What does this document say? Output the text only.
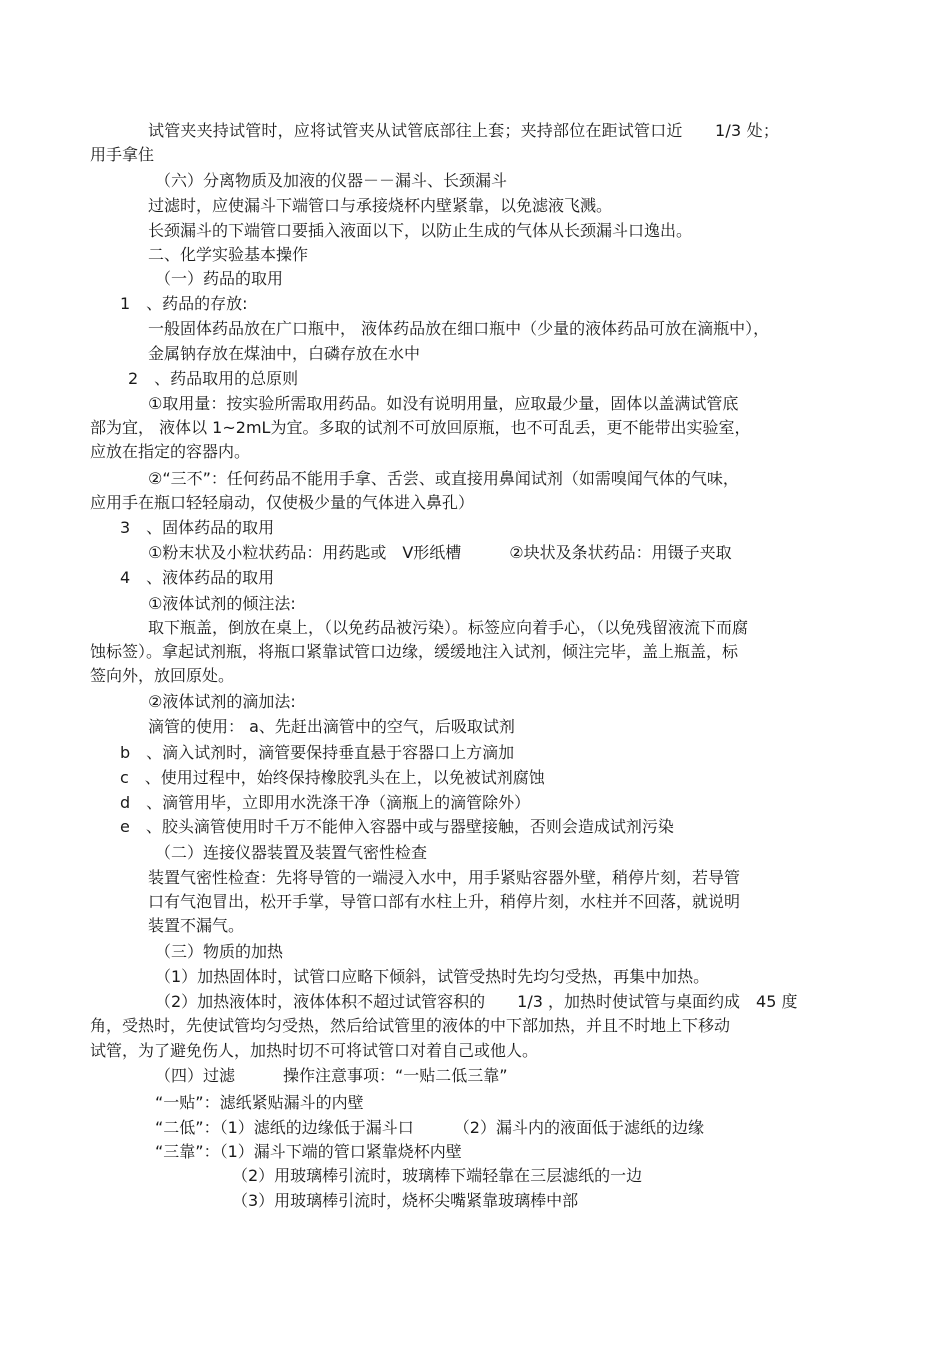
试管夹夹持试管时，应将试管夹从试管底部往上套；夹持部位在距试管口近　　1/3 处；
用手拿住
（六）分离物质及加液的仪器－－漏斗、长颈漏斗
过滤时，应使漏斗下端管口与承接烧杯内壁紧靠，以免滤液飞溅。
长颈漏斗的下端管口要插入液面以下，以防止生成的气体从长颈漏斗口逸出。
二、化学实验基本操作
（一）药品的取用
1　、药品的存放:
一般固体药品放在广口瓶中， 液体药品放在细口瓶中（少量的液体药品可放在滴瓶中），
金属钠存放在煤油中，白磷存放在水中
2　、药品取用的总原则
①取用量：按实验所需取用药品。如没有说明用量，应取最少量，固体以盖满试管底
部为宜， 液体以 1~2mL为宜。多取的试剂不可放回原瓶，也不可乱丢，更不能带出实验室，
应放在指定的容器内。
②“三不”：任何药品不能用手拿、舌尝、或直接用鼻闻试剂（如需嗅闻气体的气味，
应用手在瓶口轻轻扇动，仅使极少量的气体进入鼻孔）
3　、固体药品的取用
①粉末状及小粒状药品：用药匙或　V形纸槽　　　②块状及条状药品：用镊子夹取
4　、液体药品的取用
①液体试剂的倾注法:
取下瓶盖，倒放在桌上，（以免药品被污染）。标签应向着手心，（以免残留液流下而腐
蚀标签）。拿起试剂瓶，将瓶口紧靠试管口边缘，缓缓地注入试剂，倾注完毕，盖上瓶盖，标
签向外，放回原处。
②液体试剂的滴加法:
滴管的使用： a、先赶出滴管中的空气，后吸取试剂
b　、滴入试剂时，滴管要保持垂直悬于容器口上方滴加
c　、使用过程中，始终保持橡胶乳头在上，以免被试剂腐蚀
d　、滴管用毕，立即用水洗涤干净（滴瓶上的滴管除外）
e　、胶头滴管使用时千万不能伸入容器中或与器壁接触，否则会造成试剂污染
（二）连接仪器装置及装置气密性检查
装置气密性检查：先将导管的一端浸入水中，用手紧贴容器外壁，稍停片刻，若导管
口有气泡冒出，松开手掌，导管口部有水柱上升，稍停片刻，水柱并不回落，就说明
装置不漏气。
（三）物质的加热
（1）加热固体时，试管口应略下倾斜，试管受热时先均匀受热，再集中加热。
（2）加热液体时，液体体积不超过试管容积的　　1/3 ，加热时使试管与桌面约成　45 度
角，受热时，先使试管均匀受热，然后给试管里的液体的中下部加热，并且不时地上下移动
试管，为了避免伤人，加热时切不可将试管口对着自己或他人。
（四）过滤　　　操作注意事项：“一贴二低三靠”
“一贴”：滤纸紧贴漏斗的内壁
“二低”：（1）滤纸的边缘低于漏斗口　　　（2）漏斗内的液面低于滤纸的边缘
“三靠”：（1）漏斗下端的管口紧靠烧杯内壁
（2）用玻璃棒引流时，玻璃棒下端轻靠在三层滤纸的一边
（3）用玻璃棒引流时，烧杯尖嘴紧靠玻璃棒中部
